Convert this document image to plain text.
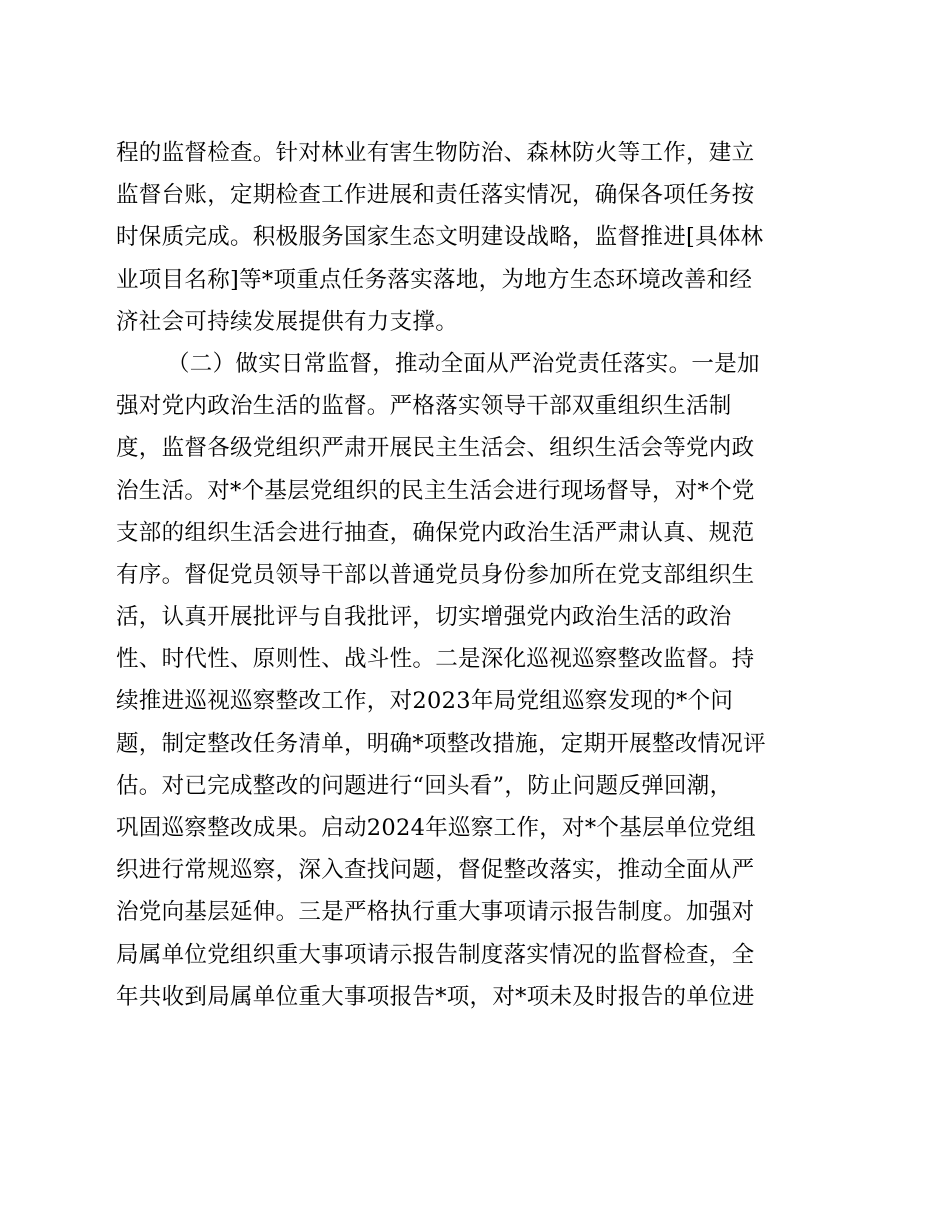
程的监督检查。针对林业有害生物防治、森林防火等工作，建立
监督台账，定期检查工作进展和责任落实情况，确保各项任务按
时保质完成。积极服务国家生态文明建设战略，监督推进[具体林
业项目名称]等*项重点任务落实落地，为地方生态环境改善和经
济社会可持续发展提供有力支撑。
（二）做实日常监督，推动全面从严治党责任落实。一是加
强对党内政治生活的监督。严格落实领导干部双重组织生活制
度，监督各级党组织严肃开展民主生活会、组织生活会等党内政
治生活。对*个基层党组织的民主生活会进行现场督导，对*个党
支部的组织生活会进行抽查，确保党内政治生活严肃认真、规范
有序。督促党员领导干部以普通党员身份参加所在党支部组织生
活，认真开展批评与自我批评，切实增强党内政治生活的政治
性、时代性、原则性、战斗性。二是深化巡视巡察整改监督。持
续推进巡视巡察整改工作，对2023年局党组巡察发现的*个问
题，制定整改任务清单，明确*项整改措施，定期开展整改情况评
估。对已完成整改的问题进行“回头看”，防止问题反弹回潮，
巩固巡察整改成果。启动2024年巡察工作，对*个基层单位党组
织进行常规巡察，深入查找问题，督促整改落实，推动全面从严
治党向基层延伸。三是严格执行重大事项请示报告制度。加强对
局属单位党组织重大事项请示报告制度落实情况的监督检查，全
年共收到局属单位重大事项报告*项，对*项未及时报告的单位进
